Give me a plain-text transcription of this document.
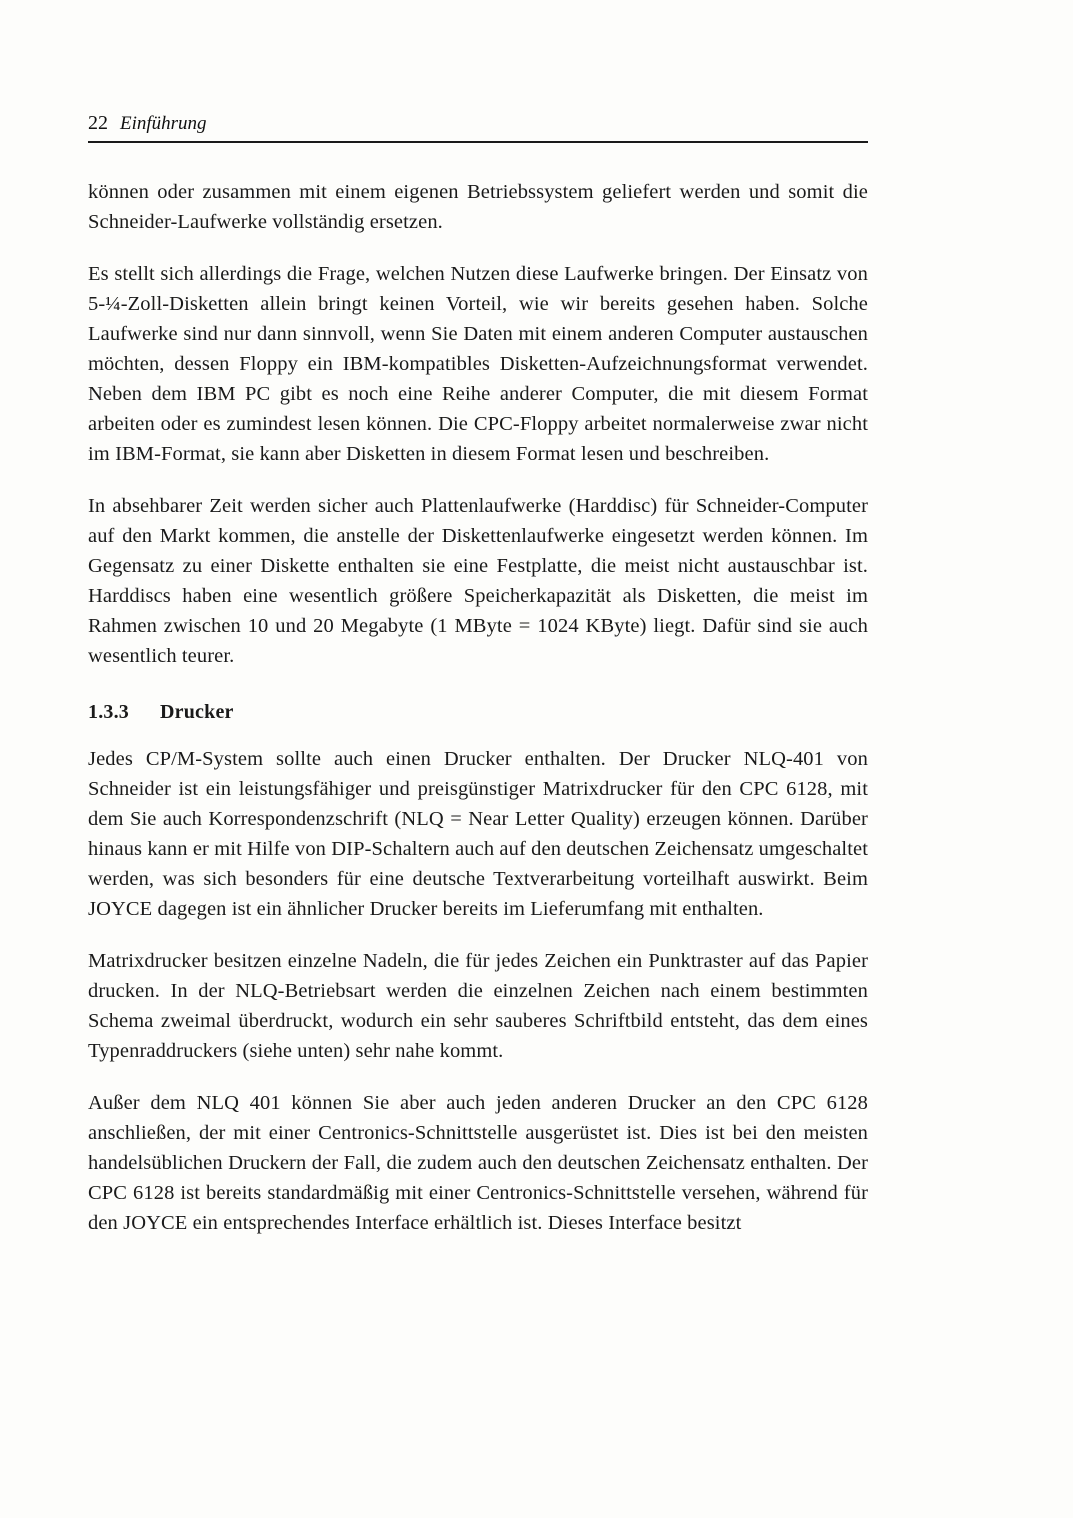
22 Einführung

können oder zusammen mit einem eigenen Betriebssystem geliefert werden und somit die Schneider-Laufwerke vollständig ersetzen.

Es stellt sich allerdings die Frage, welchen Nutzen diese Laufwerke bringen. Der Einsatz von 5-¼-Zoll-Disketten allein bringt keinen Vorteil, wie wir bereits gesehen haben. Solche Laufwerke sind nur dann sinnvoll, wenn Sie Daten mit einem anderen Computer austauschen möchten, dessen Floppy ein IBM-kompatibles Disketten-Aufzeichnungsformat verwendet. Neben dem IBM PC gibt es noch eine Reihe anderer Computer, die mit diesem Format arbeiten oder es zumindest lesen können. Die CPC-Floppy arbeitet normalerweise zwar nicht im IBM-Format, sie kann aber Disketten in diesem Format lesen und beschreiben.

In absehbarer Zeit werden sicher auch Plattenlaufwerke (Harddisc) für Schneider-Computer auf den Markt kommen, die anstelle der Diskettenlaufwerke eingesetzt werden können. Im Gegensatz zu einer Diskette enthalten sie eine Festplatte, die meist nicht austauschbar ist. Harddiscs haben eine wesentlich größere Speicherkapazität als Disketten, die meist im Rahmen zwischen 10 und 20 Megabyte (1 MByte = 1024 KByte) liegt. Dafür sind sie auch wesentlich teurer.

1.3.3 Drucker

Jedes CP/M-System sollte auch einen Drucker enthalten. Der Drucker NLQ-401 von Schneider ist ein leistungsfähiger und preisgünstiger Matrixdrucker für den CPC 6128, mit dem Sie auch Korrespondenzschrift (NLQ = Near Letter Quality) erzeugen können. Darüber hinaus kann er mit Hilfe von DIP-Schaltern auch auf den deutschen Zeichensatz umgeschaltet werden, was sich besonders für eine deutsche Textverarbeitung vorteilhaft auswirkt. Beim JOYCE dagegen ist ein ähnlicher Drucker bereits im Lieferumfang mit enthalten.

Matrixdrucker besitzen einzelne Nadeln, die für jedes Zeichen ein Punktraster auf das Papier drucken. In der NLQ-Betriebsart werden die einzelnen Zeichen nach einem bestimmten Schema zweimal überdruckt, wodurch ein sehr sauberes Schriftbild entsteht, das dem eines Typenraddruckers (siehe unten) sehr nahe kommt.

Außer dem NLQ 401 können Sie aber auch jeden anderen Drucker an den CPC 6128 anschließen, der mit einer Centronics-Schnittstelle ausgerüstet ist. Dies ist bei den meisten handelsüblichen Druckern der Fall, die zudem auch den deutschen Zeichensatz enthalten. Der CPC 6128 ist bereits standardmäßig mit einer Centronics-Schnittstelle versehen, während für den JOYCE ein entsprechendes Interface erhältlich ist. Dieses Interface besitzt
